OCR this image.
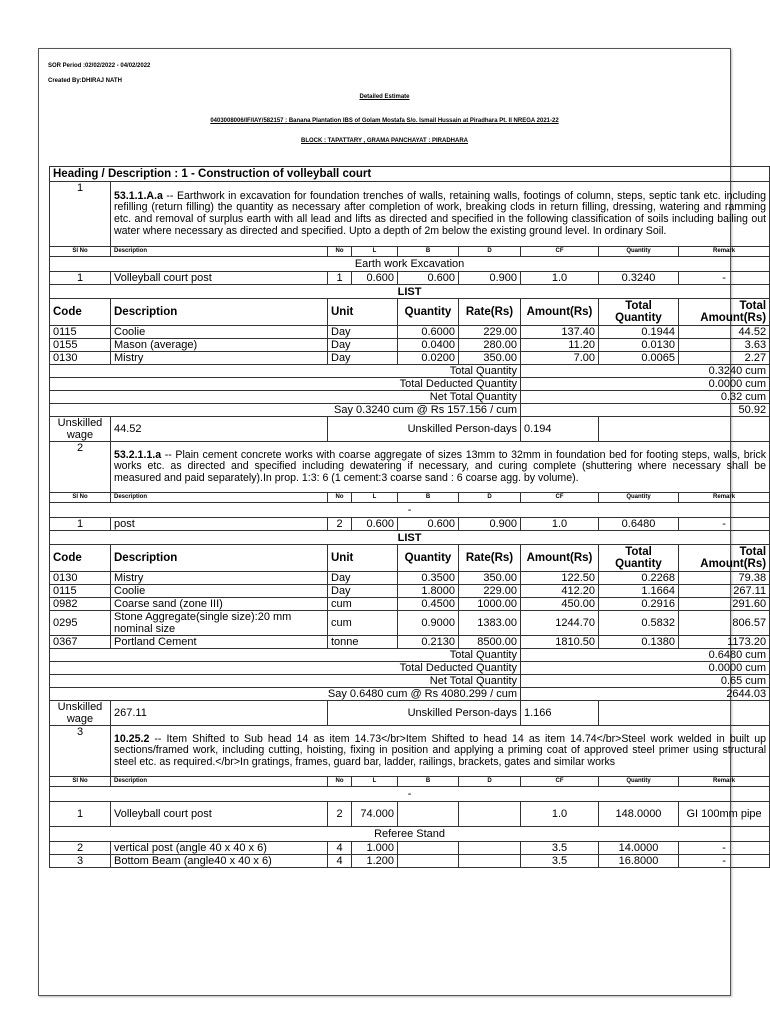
SOR Period :02/02/2022 - 04/02/2022
Created By:DHIRAJ NATH
Detailed Estimate
0403008006/IF/IAY/582157 : Banana Plantation IBS of Golam Mostafa S/o. Ismail Hussain at Piradhara Pt. II NREGA 2021-22
BLOCK : TAPATTARY , GRAMA PANCHAYAT : PIRADHARA
Heading / Description : 1 - Construction of volleyball court								
1	53.1.1.A.a -- Earthwork in excavation for foundation trenches of walls, retaining walls, footings of column, steps, septic tank etc. including refilling (return filling) the quantity as necessary after completion of work, breaking clods in return filling, dressing, watering and ramming etc. and removal of surplus earth with all lead and lifts as directed and specified in the following classification of soils including bailing out water where necessary as directed and specified. Upto a depth of 2m below the existing ground level. In ordinary Soil.							
Sl No	Description	No	L	B	D	CF	Quantity	Remark
Earth work Excavation								
1	Volleyball court post	1	0.600	0.600	0.900	1.0	0.3240	-
LIST								
Code	Description	Unit		Quantity	Rate(Rs)	Amount(Rs)	Total Quantity	Total Amount(Rs)
0115	Coolie	Day		0.6000	229.00	137.40	0.1944	44.52
0155	Mason (average)	Day		0.0400	280.00	11.20	0.0130	3.63
0130	Mistry	Day		0.0200	350.00	7.00	0.0065	2.27
Total Quantity						0.3240 cum		
Total Deducted Quantity						0.0000 cum		
Net Total Quantity						0.32 cum		
Say 0.3240 cum @ Rs 157.156 / cum						50.92		
Unskilled wage	44.52	Unskilled Person-days				0.194		
2	53.2.1.1.a -- Plain cement concrete works with coarse aggregate of sizes 13mm to 32mm in foundation bed for footing steps, walls, brick works etc. as directed and specified including dewatering if necessary, and curing complete (shuttering where necessary shall be measured and paid separately).In prop. 1:3: 6 (1 cement:3 coarse sand : 6 coarse agg. by volume).							
Sl No	Description	No	L	B	D	CF	Quantity	Remark
-								
1	post	2	0.600	0.600	0.900	1.0	0.6480	-
LIST								
Code	Description	Unit		Quantity	Rate(Rs)	Amount(Rs)	Total Quantity	Total Amount(Rs)
0130	Mistry	Day		0.3500	350.00	122.50	0.2268	79.38
0115	Coolie	Day		1.8000	229.00	412.20	1.1664	267.11
0982	Coarse sand (zone III)	cum		0.4500	1000.00	450.00	0.2916	291.60
0295	Stone Aggregate(single size):20 mm nominal size	cum		0.9000	1383.00	1244.70	0.5832	806.57
0367	Portland Cement	tonne		0.2130	8500.00	1810.50	0.1380	1173.20
Total Quantity						0.6480 cum		
Total Deducted Quantity						0.0000 cum		
Net Total Quantity						0.65 cum		
Say 0.6480 cum @ Rs 4080.299 / cum						2644.03		
Unskilled wage	267.11	Unskilled Person-days				1.166		
3	10.25.2 -- Item Shifted to Sub head 14 as item 14.73</br>Item Shifted to head 14 as item 14.74</br>Steel work welded in built up sections/framed work, including cutting, hoisting, fixing in position and applying a priming coat of approved steel primer using structural steel etc. as required.</br>In gratings, frames, guard bar, ladder, railings, brackets, gates and similar works							
Sl No	Description	No	L	B	D	CF	Quantity	Remark
-								
1	Volleyball court post	2	74.000			1.0	148.0000	GI 100mm pipe
Referee Stand								
2	vertical post (angle 40 x 40 x 6)	4	1.000			3.5	14.0000	-
3	Bottom Beam (angle40 x 40 x 6)	4	1.200			3.5	16.8000	-
